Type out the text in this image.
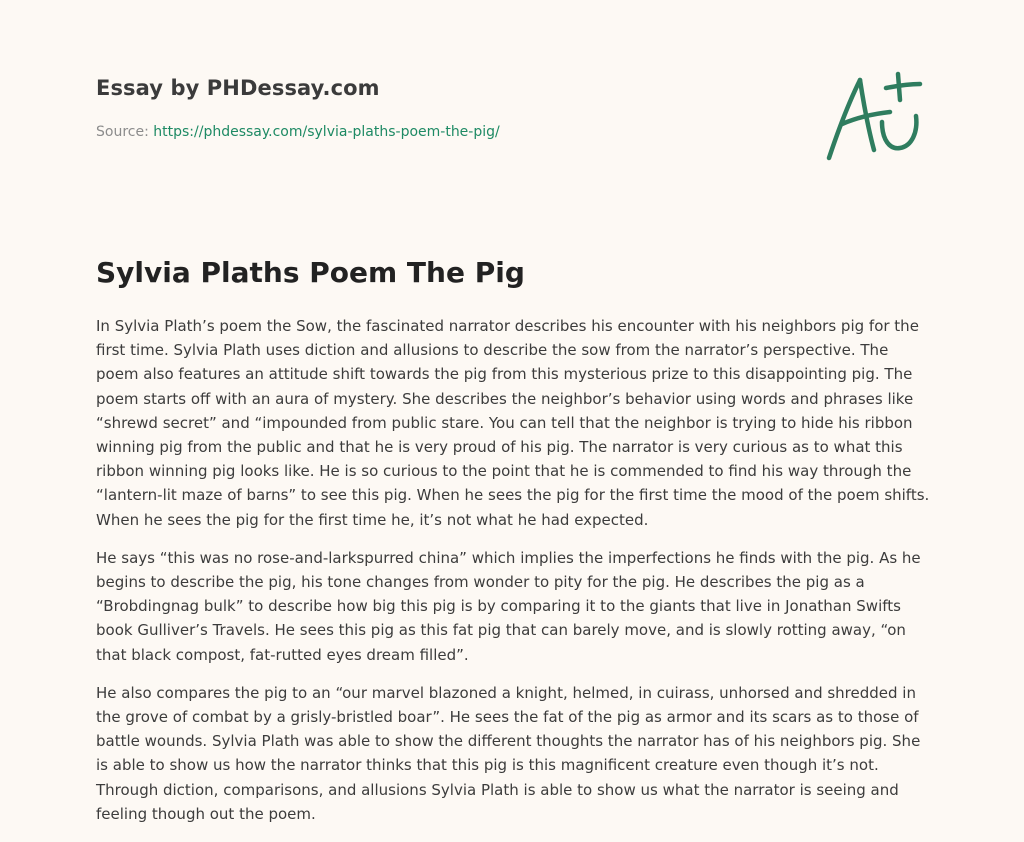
Essay by PHDessay.com
Source: https://phdessay.com/sylvia-plaths-poem-the-pig/
Sylvia Plaths Poem The Pig

In Sylvia Plath’s poem the Sow, the fascinated narrator describes his encounter with his neighbors pig for the first time. Sylvia Plath uses diction and allusions to describe the sow from the narrator’s perspective. The poem also features an attitude shift towards the pig from this mysterious prize to this disappointing pig. The poem starts off with an aura of mystery. She describes the neighbor’s behavior using words and phrases like “shrewd secret” and “impounded from public stare. You can tell that the neighbor is trying to hide his ribbon winning pig from the public and that he is very proud of his pig. The narrator is very curious as to what this ribbon winning pig looks like. He is so curious to the point that he is commended to find his way through the “lantern-lit maze of barns” to see this pig. When he sees the pig for the first time the mood of the poem shifts. When he sees the pig for the first time he, it’s not what he had expected.

He says “this was no rose-and-larkspurred china” which implies the imperfections he finds with the pig. As he begins to describe the pig, his tone changes from wonder to pity for the pig. He describes the pig as a “Brobdingnag bulk” to describe how big this pig is by comparing it to the giants that live in Jonathan Swifts book Gulliver’s Travels. He sees this pig as this fat pig that can barely move, and is slowly rotting away, “on that black compost, fat-rutted eyes dream filled”.

He also compares the pig to an “our marvel blazoned a knight, helmed, in cuirass, unhorsed and shredded in the grove of combat by a grisly-bristled boar”. He sees the fat of the pig as armor and its scars as to those of battle wounds. Sylvia Plath was able to show the different thoughts the narrator has of his neighbors pig. She is able to show us how the narrator thinks that this pig is this magnificent creature even though it’s not. Through diction, comparisons, and allusions Sylvia Plath is able to show us what the narrator is seeing and feeling though out the poem.
